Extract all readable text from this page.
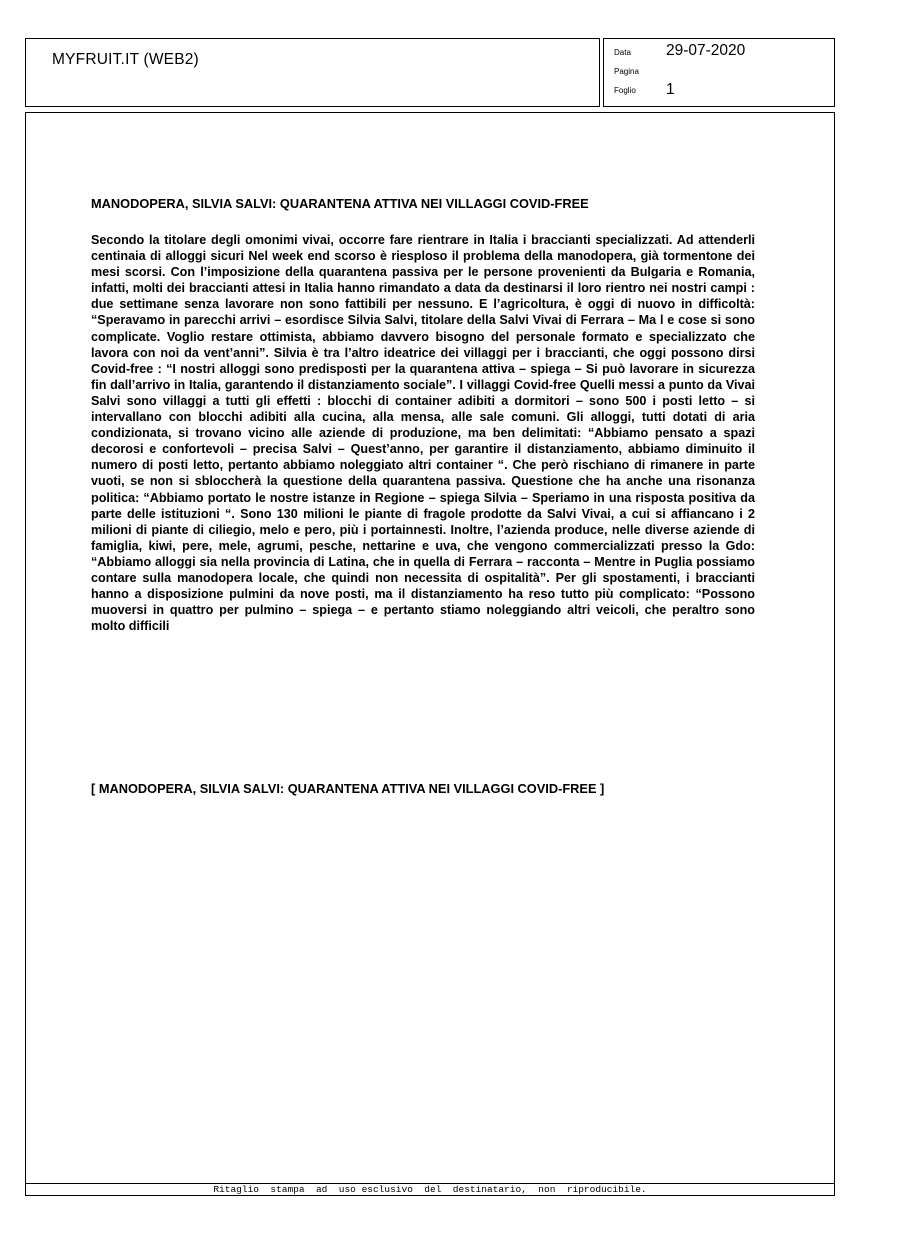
MYFRUIT.IT (WEB2)	Data 29-07-2020
Pagina
Foglio 1
MANODOPERA, SILVIA SALVI: QUARANTENA ATTIVA NEI VILLAGGI COVID-FREE
Secondo la titolare degli omonimi vivai, occorre fare rientrare in Italia i braccianti specializzati. Ad attenderli centinaia di alloggi sicuri Nel week end scorso è riesploso il problema della manodopera, già tormentone dei mesi scorsi. Con l’imposizione della quarantena passiva per le persone provenienti da Bulgaria e Romania, infatti, molti dei braccianti attesi in Italia hanno rimandato a data da destinarsi il loro rientro nei nostri campi : due settimane senza lavorare non sono fattibili per nessuno. E l’agricoltura, è oggi di nuovo in difficoltà: “Speravamo in parecchi arrivi – esordisce Silvia Salvi, titolare della Salvi Vivai di Ferrara – Ma l e cose si sono complicate. Voglio restare ottimista, abbiamo davvero bisogno del personale formato e specializzato che lavora con noi da vent’anni”. Silvia è tra l’altro ideatrice dei villaggi per i braccianti, che oggi possono dirsi Covid-free : “I nostri alloggi sono predisposti per la quarantena attiva – spiega – Si può lavorare in sicurezza fin dall’arrivo in Italia, garantendo il distanziamento sociale”. I villaggi Covid-free Quelli messi a punto da Vivai Salvi sono villaggi a tutti gli effetti : blocchi di container adibiti a dormitori – sono 500 i posti letto – si intervallano con blocchi adibiti alla cucina, alla mensa, alle sale comuni. Gli alloggi, tutti dotati di aria condizionata, si trovano vicino alle aziende di produzione, ma ben delimitati: “Abbiamo pensato a spazi decorosi e confortevoli – precisa Salvi – Quest’anno, per garantire il distanziamento, abbiamo diminuito il numero di posti letto, pertanto abbiamo noleggiato altri container “. Che però rischiano di rimanere in parte vuoti, se non si sbloccherà la questione della quarantena passiva. Questione che ha anche una risonanza politica: “Abbiamo portato le nostre istanze in Regione – spiega Silvia – Speriamo in una risposta positiva da parte delle istituzioni “. Sono 130 milioni le piante di fragole prodotte da Salvi Vivai, a cui si affiancano i 2 milioni di piante di ciliegio, melo e pero, più i portainnesti. Inoltre, l’azienda produce, nelle diverse aziende di famiglia, kiwi, pere, mele, agrumi, pesche, nettarine e uva, che vengono commercializzati presso la Gdo: “Abbiamo alloggi sia nella provincia di Latina, che in quella di Ferrara – racconta – Mentre in Puglia possiamo contare sulla manodopera locale, che quindi non necessita di ospitalità”. Per gli spostamenti, i braccianti hanno a disposizione pulmini da nove posti, ma il distanziamento ha reso tutto più complicato: “Possono muoversi in quattro per pulmino – spiega – e pertanto stiamo noleggiando altri veicoli, che peraltro sono molto difficili
[ MANODOPERA, SILVIA SALVI: QUARANTENA ATTIVA NEI VILLAGGI COVID-FREE ]
Ritaglio  stampa  ad  uso esclusivo  del  destinatario,  non  riproducibile.
